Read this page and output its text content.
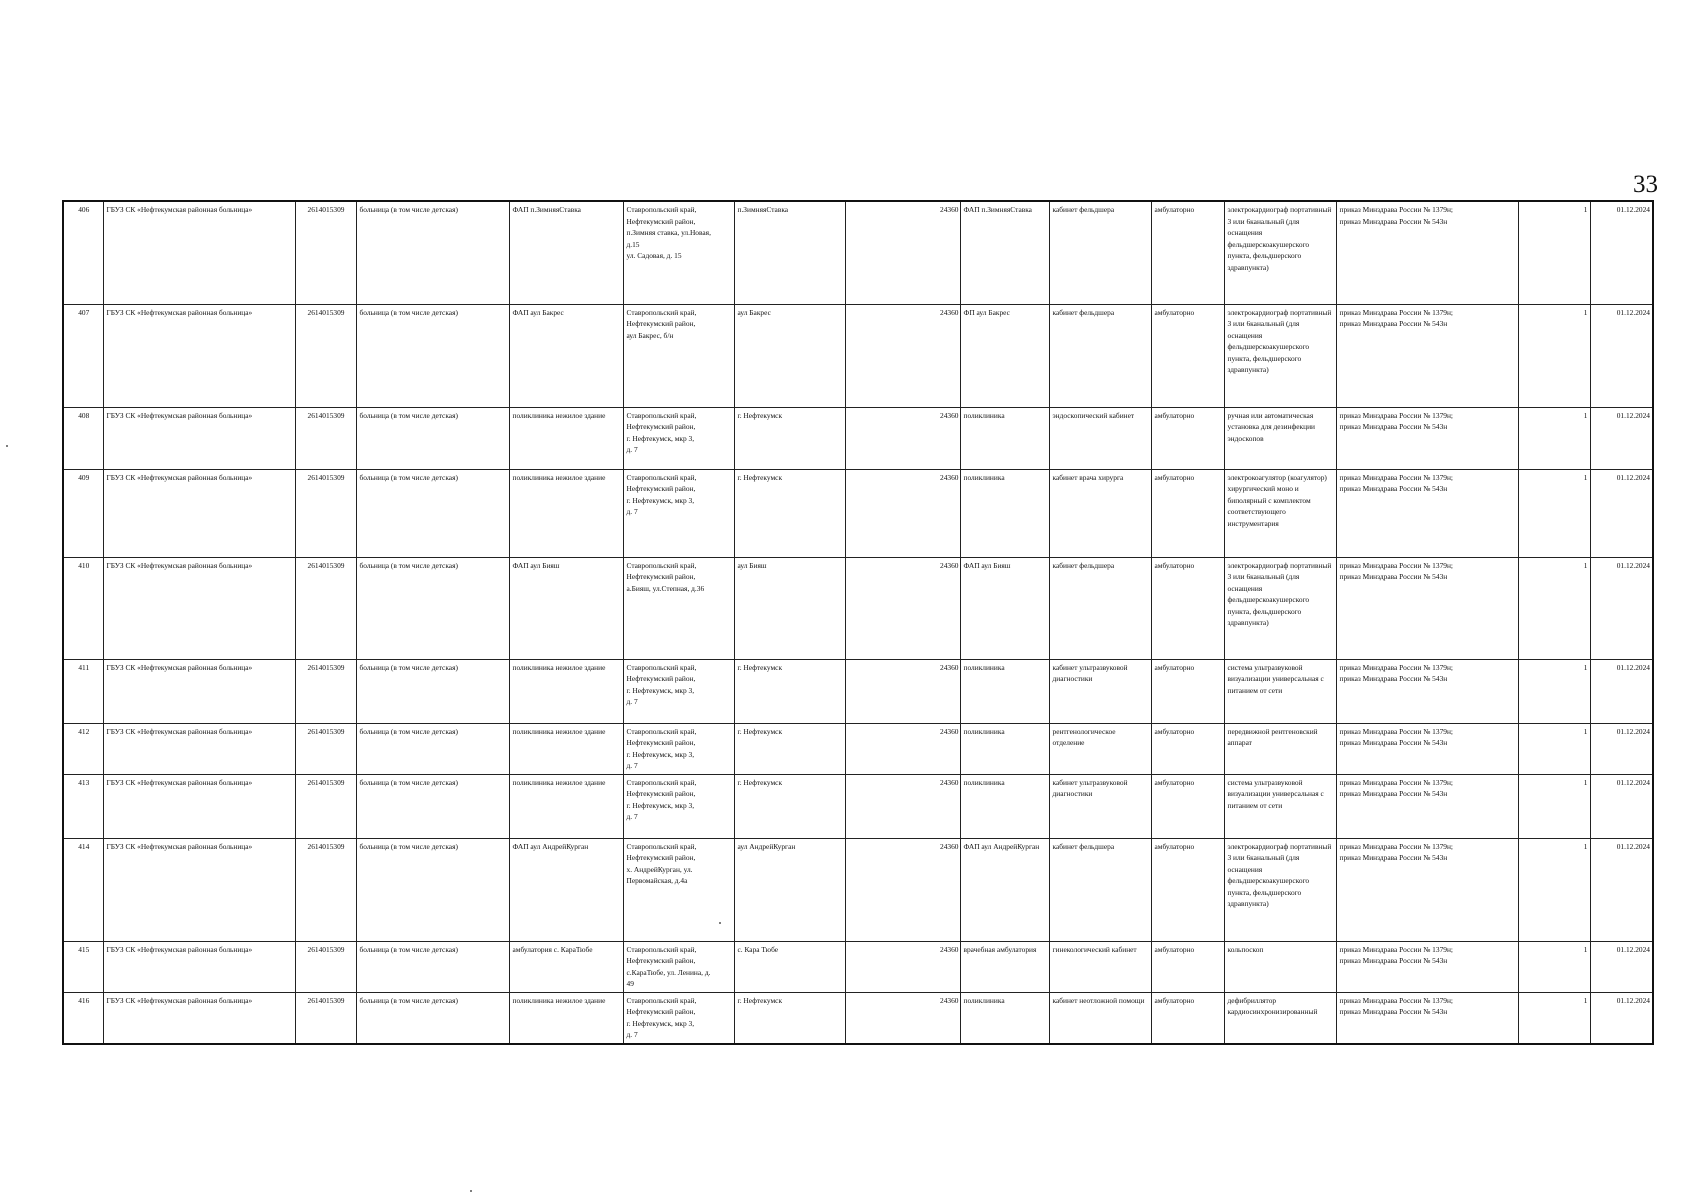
33
406	ГБУЗ СК «Нефтекумская районная больница»	2614015309	больница (в том числе детская)	ФАП п.ЗимняяСтавка	Ставропольский край,
Нефтекумский район,
п.Зимняя ставка, ул.Новая,
д.15
ул. Садовая, д. 15	п.ЗимняяСтавка	24360	ФАП п.ЗимняяСтавка	кабинет фельдшера	амбулаторно	электрокардиограф портативный 3 или 6канальный (для оснащения фельдшерскоакушерского пункта, фельдшерского здравпункта)	приказ Минздрава России № 1379н;
приказ Минздрава России № 543н	1	01.12.2024
407	ГБУЗ СК «Нефтекумская районная больница»	2614015309	больница (в том числе детская)	ФАП аул Бакрес	Ставропольский край,
Нефтекумский район,
аул Бакрес, б/н	аул Бакрес	24360	ФП аул Бакрес	кабинет фельдшера	амбулаторно	электрокардиограф портативный 3 или 6канальный (для оснащения фельдшерскоакушерского пункта, фельдшерского здравпункта)	приказ Минздрава России № 1379н;
приказ Минздрава России № 543н	1	01.12.2024
408	ГБУЗ СК «Нефтекумская районная больница»	2614015309	больница (в том числе детская)	поликлиника нежилое здание	Ставропольский край,
Нефтекумский район,
г. Нефтекумск, мкр 3,
д. 7	г. Нефтекумск	24360	поликлиника	эндоскопический кабинет	амбулаторно	ручная или автоматическая установка для дезинфекции эндоскопов	приказ Минздрава России № 1379н;
приказ Минздрава России № 543н	1	01.12.2024
409	ГБУЗ СК «Нефтекумская районная больница»	2614015309	больница (в том числе детская)	поликлиника нежилое здание	Ставропольский край,
Нефтекумский район,
г. Нефтекумск, мкр 3,
д. 7	г. Нефтекумск	24360	поликлиника	кабинет врача хирурга	амбулаторно	электрокоагулятор (коагулятор) хирургический моно и биполярный с комплектом соответствующего инструментария	приказ Минздрава России № 1379н;
приказ Минздрава России № 543н	1	01.12.2024
410	ГБУЗ СК «Нефтекумская районная больница»	2614015309	больница (в том числе детская)	ФАП аул Бияш	Ставропольский край,
Нефтекумский район,
а.Бияш, ул.Степная, д.36	аул Бияш	24360	ФАП аул Бияш	кабинет фельдшера	амбулаторно	электрокардиограф портативный 3 или 6канальный (для оснащения фельдшерскоакушерского пункта, фельдшерского здравпункта)	приказ Минздрава России № 1379н;
приказ Минздрава России № 543н	1	01.12.2024
411	ГБУЗ СК «Нефтекумская районная больница»	2614015309	больница (в том числе детская)	поликлиника нежилое здание	Ставропольский край,
Нефтекумский район,
г. Нефтекумск, мкр 3,
д. 7	г. Нефтекумск	24360	поликлиника	кабинет ультразвуковой диагностики	амбулаторно	система ультразвуковой визуализации универсальная с питанием от сети	приказ Минздрава России № 1379н;
приказ Минздрава России № 543н	1	01.12.2024
412	ГБУЗ СК «Нефтекумская районная больница»	2614015309	больница (в том числе детская)	поликлиника нежилое здание	Ставропольский край,
Нефтекумский район,
г. Нефтекумск, мкр 3,
д. 7	г. Нефтекумск	24360	поликлиника	рентгенологическое отделение	амбулаторно	передвижной рентгеновский аппарат	приказ Минздрава России № 1379н;
приказ Минздрава России № 543н	1	01.12.2024
413	ГБУЗ СК «Нефтекумская районная больница»	2614015309	больница (в том числе детская)	поликлиника нежилое здание	Ставропольский край,
Нефтекумский район,
г. Нефтекумск, мкр 3,
д. 7	г. Нефтекумск	24360	поликлиника	кабинет ультразвуковой диагностики	амбулаторно	система ультразвуковой визуализации универсальная с питанием от сети	приказ Минздрава России № 1379н;
приказ Минздрава России № 543н	1	01.12.2024
414	ГБУЗ СК «Нефтекумская районная больница»	2614015309	больница (в том числе детская)	ФАП аул АндрейКурган	Ставропольский край,
Нефтекумский район,
х. АндрейКурган, ул.
Первомайская, д.4а	аул АндрейКурган	24360	ФАП аул АндрейКурган	кабинет фельдшера	амбулаторно	электрокардиограф портативный 3 или 6канальный (для оснащения фельдшерскоакушерского пункта, фельдшерского здравпункта)	приказ Минздрава России № 1379н;
приказ Минздрава России № 543н	1	01.12.2024
415	ГБУЗ СК «Нефтекумская районная больница»	2614015309	больница (в том числе детская)	амбулатория с. КараТюбе	Ставропольский край,
Нефтекумский район,
с.КараТюбе, ул. Ленина, д.
49	с. Кара Тюбе	24360	врачебная амбулатория	гинекологический кабинет	амбулаторно	кольпоскоп	приказ Минздрава России № 1379н;
приказ Минздрава России № 543н	1	01.12.2024
416	ГБУЗ СК «Нефтекумская районная больница»	2614015309	больница (в том числе детская)	поликлиника нежилое здание	Ставропольский край,
Нефтекумский район,
г. Нефтекумск, мкр 3,
д. 7	г. Нефтекумск	24360	поликлиника	кабинет неотложной помощи	амбулаторно	дефибриллятор кардиосинхронизированный	приказ Минздрава России № 1379н;
приказ Минздрава России № 543н	1	01.12.2024
